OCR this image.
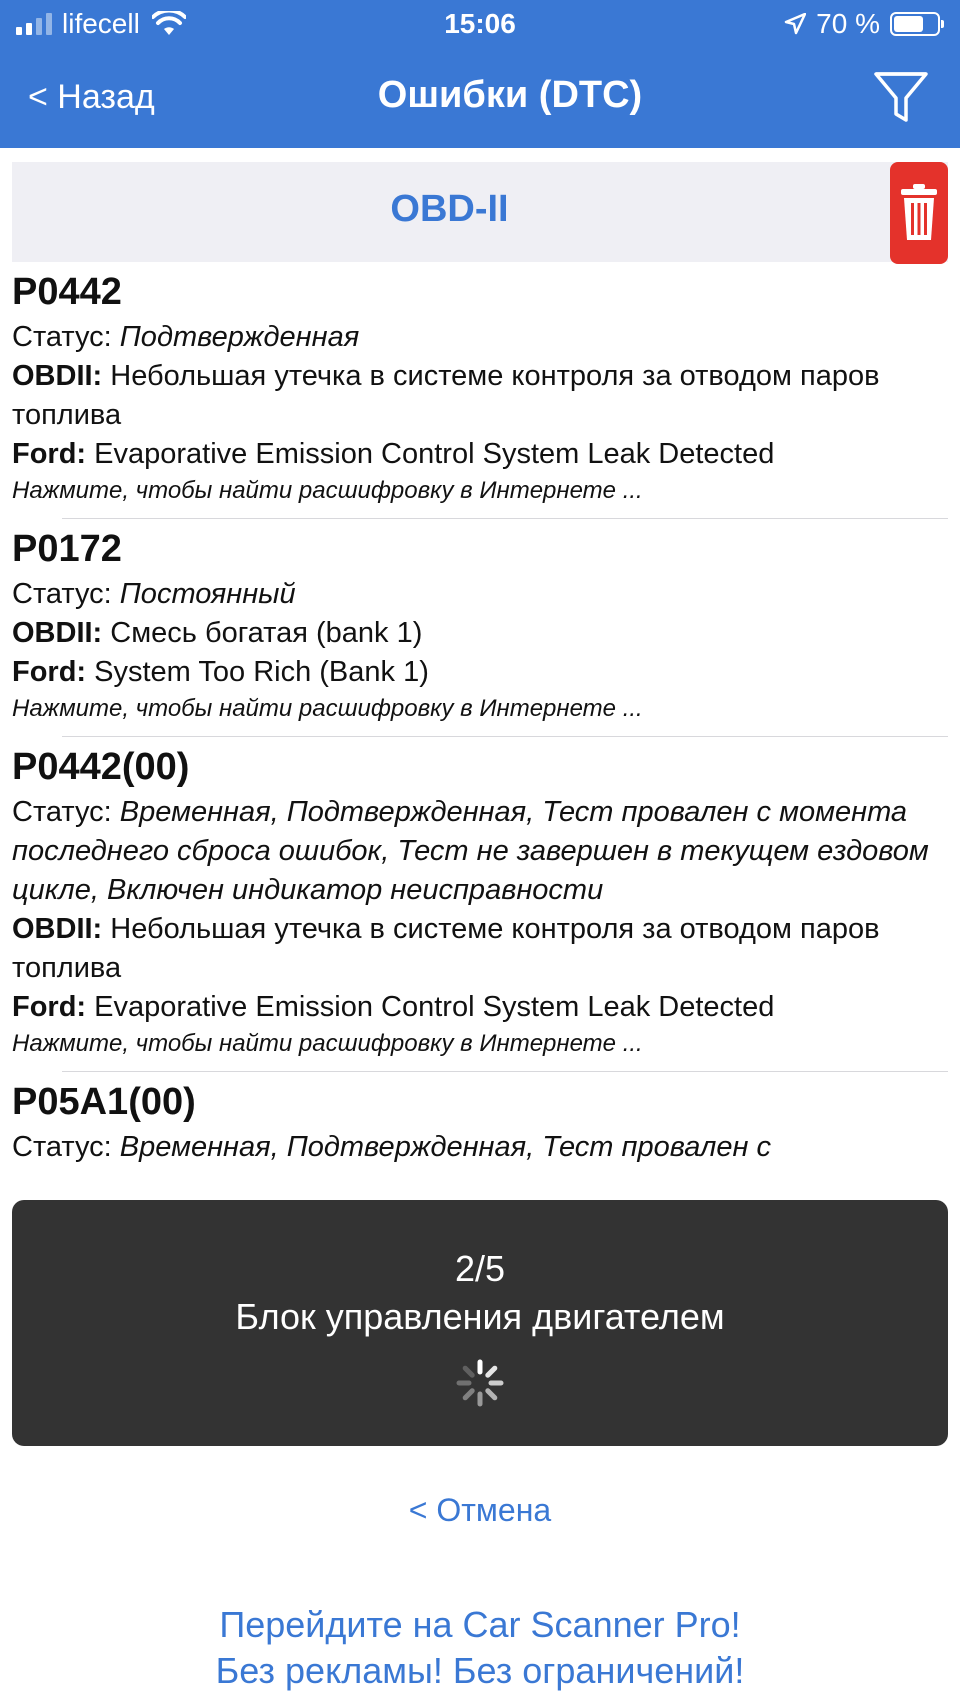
lifecell	15:06	70 %
< Назад	Ошибки (DTC)
OBD-II
P0442
Статус: Подтвержденная
OBDII: Небольшая утечка в системе контроля за отводом паров топлива
Ford: Evaporative Emission Control System Leak Detected
Нажмите, чтобы найти расшифровку в Интернете ...
P0172
Статус: Постоянный
OBDII: Смесь богатая (bank 1)
Ford: System Too Rich (Bank 1)
Нажмите, чтобы найти расшифровку в Интернете ...
P0442(00)
Статус: Временная, Подтвержденная, Тест провален с момента последнего сброса ошибок, Тест не завершен в текущем ездовом цикле, Включен индикатор неисправности
OBDII: Небольшая утечка в системе контроля за отводом паров топлива
Ford: Evaporative Emission Control System Leak Detected
Нажмите, чтобы найти расшифровку в Интернете ...
P05A1(00)
Статус: Временная, Подтвержденная, Тест провален с
2/5
Блок управления двигателем
< Отмена
Перейдите на Car Scanner Pro!
Без рекламы! Без ограничений!
